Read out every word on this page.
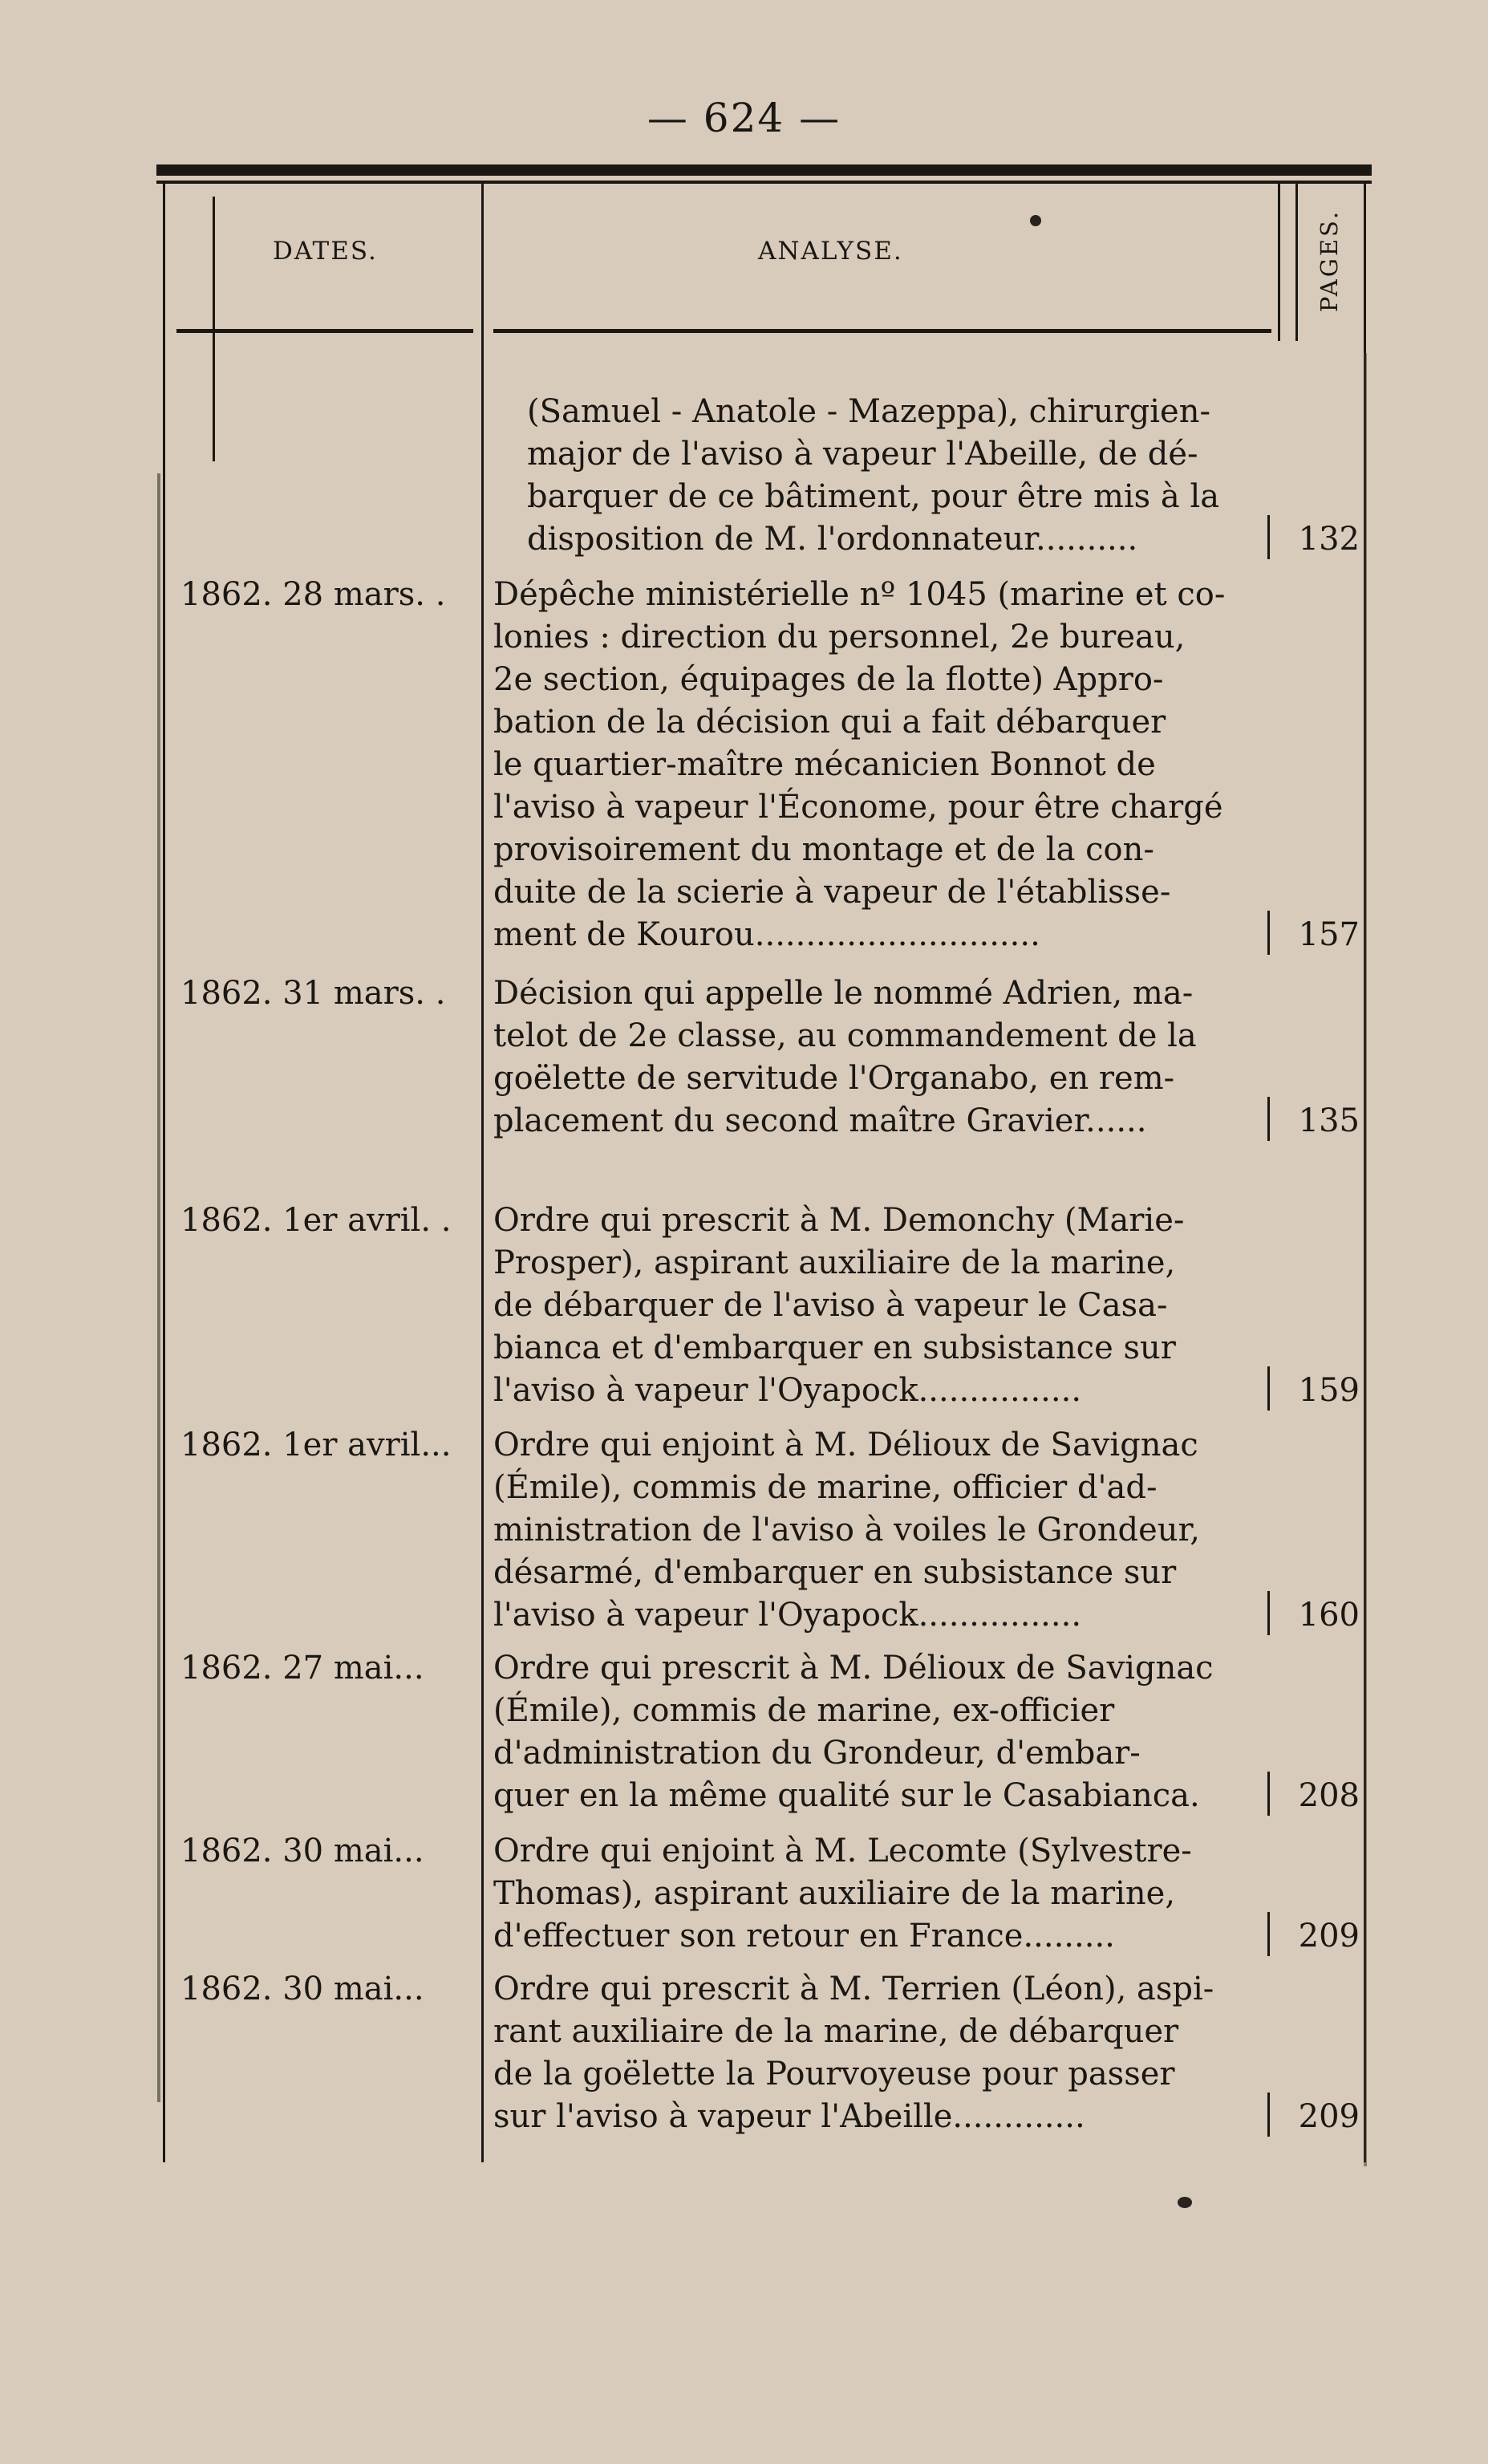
— 624 —
DATES.	ANALYSE.	PAGES.
(Samuel - Anatole - Mazeppa), chirurgien-
major de l'aviso à vapeur l'Abeille, de dé-
barquer de ce bâtiment, pour être mis à la
disposition de M. l'ordonnateur..........	132
1862. 28 mars. . Dépêche ministérielle nº 1045 (marine et co-
lonies : direction du personnel, 2e bureau,
2e section, équipages de la flotte) Appro-
bation de la décision qui a fait débarquer
le quartier-maître mécanicien Bonnot de
l'aviso à vapeur l'Économe, pour être chargé
provisoirement du montage et de la con-
duite de la scierie à vapeur de l'établisse-
ment de Kourou............................	157
1862. 31 mars. . Décision qui appelle le nommé Adrien, ma-
telot de 2e classe, au commandement de la
goëlette de servitude l'Organabo, en rem-
placement du second maître Gravier......	135
1862. 1er avril. . Ordre qui prescrit à M. Demonchy (Marie-
Prosper), aspirant auxiliaire de la marine,
de débarquer de l'aviso à vapeur le Casa-
bianca et d'embarquer en subsistance sur
l'aviso à vapeur l'Oyapock................	159
1862. 1er avril... Ordre qui enjoint à M. Délioux de Savignac
(Émile), commis de marine, officier d'ad-
ministration de l'aviso à voiles le Grondeur,
désarmé, d'embarquer en subsistance sur
l'aviso à vapeur l'Oyapock................	160
1862. 27 mai... Ordre qui prescrit à M. Délioux de Savignac
(Émile), commis de marine, ex-officier
d'administration du Grondeur, d'embar-
quer en la même qualité sur le Casabianca.	208
1862. 30 mai... Ordre qui enjoint à M. Lecomte (Sylvestre-
Thomas), aspirant auxiliaire de la marine,
d'effectuer son retour en France.........	209
1862. 30 mai... Ordre qui prescrit à M. Terrien (Léon), aspi-
rant auxiliaire de la marine, de débarquer
de la goëlette la Pourvoyeuse pour passer
sur l'aviso à vapeur l'Abeille.............	209
